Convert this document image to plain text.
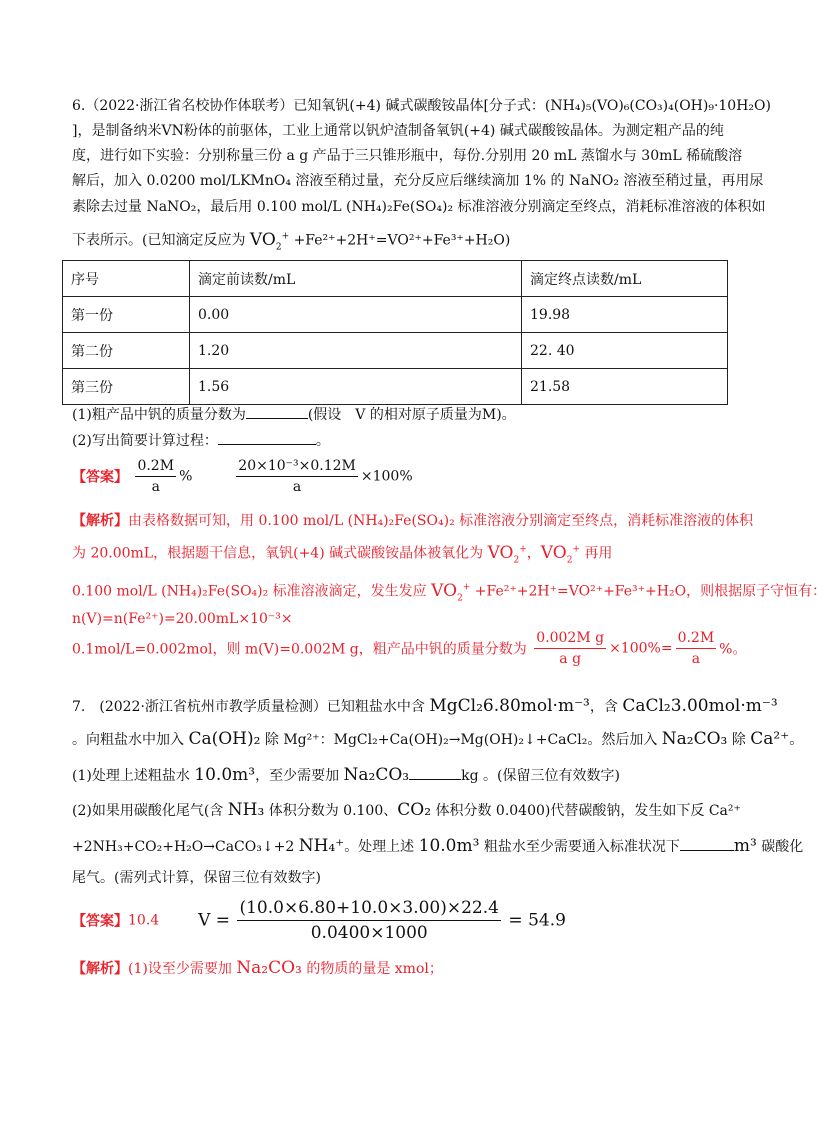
6.（2022·浙江省名校协作体联考）已知氧钒(+4) 碱式碳酸铵晶体[分子式：(NH₄)₅(VO)₆(CO₃)₄(OH)₉·10H₂O)
]，是制备纳米VN粉体的前驱体，工业上通常以钒炉渣制备氧钒(+4) 碱式碳酸铵晶体。为测定粗产品的纯
度，进行如下实验：分别称量三份 a g 产品于三只锥形瓶中，每份.分别用 20 mL 蒸馏水与 30mL 稀硫酸溶
解后，加入 0.0200 mol/LKMnO₄ 溶液至稍过量，充分反应后继续滴加 1% 的 NaNO₂ 溶液至稍过量，再用尿
素除去过量 NaNO₂，最后用 0.100 mol/L (NH₄)₂Fe(SO₄)₂ 标准溶液分别滴定至终点，消耗标准溶液的体积如
下表所示。(已知滴定反应为 $VO_2^+ +Fe^{2+}+2H^+=VO^{2+}+Fe^{3+}+H_2O$)
序号	滴定前读数/mL	滴定终点读数/mL
第一份	0.00	19.98
第二份	1.20	22. 40
第三份	1.56	21.58
(1)粗产品中钒的质量分数为	(假设　V 的相对原子质量为M)。
(2)写出简要计算过程：	。
【答案】 $\frac{0.2M}{a}$ %	$\frac{\text{20×10⁻³×0.12M}}{a} \times 100\%$
【解析】由表格数据可知，用 0.100 mol/L (NH₄)₂Fe(SO₄)₂ 标准溶液分别滴定至终点，消耗标准溶液的体积
为 20.00mL，根据题干信息，氧钒(+4) 碱式碳酸铵晶体被氧化为 $VO_2^+$，$VO_2^+$ 再用
0.100 mol/L (NH₄)₂Fe(SO₄)₂ 标准溶液滴定，发生发应 $VO_2^+ +Fe^{2+}+2H^+=VO^{2+}+Fe^{3+}+H_2O$，则根据原子守恒有：
n(V)=n(Fe²⁺)=20.00mL×10⁻³×
0.1mol/L=0.002mol，则 m(V)=0.002M g，粗产品中钒的质量分数为 $\frac{\text{0.002M g}}{\text{a g}} \times 100\%= \frac{0.2M}{a}$ %。
7.　(2022·浙江省杭州市教学质量检测）已知粗盐水中含 MgCl₂6.80mol·m⁻³，含 CaCl₂3.00mol·m⁻³
。向粗盐水中加入 Ca(OH)₂ 除 Mg²⁺：MgCl₂+Ca(OH)₂→Mg(OH)₂↓+CaCl₂。然后加入 Na₂CO₃ 除 Ca²⁺。
(1)处理上述粗盐水 10.0m³，至少需要加 Na₂CO₃	kg 。(保留三位有效数字)
(2)如果用碳酸化尾气(含 NH₃ 体积分数为 0.100、CO₂ 体积分数 0.0400)代替碳酸钠，发生如下反 Ca²⁺
+2NH₃+CO₂+H₂O→CaCO₃↓+2 NH₄⁺。处理上述 10.0m³ 粗盐水至少需要通入标准状况下	m³ 碳酸化
尾气。(需列式计算，保留三位有效数字)
【答案】10.4 $V = \frac{(10.0\times 6.80+10.0\times 3.00)\times 22.4}{0.0400\times 1000} = 54.9$
【解析】(1)设至少需要加 Na₂CO₃ 的物质的量是 xmol；
